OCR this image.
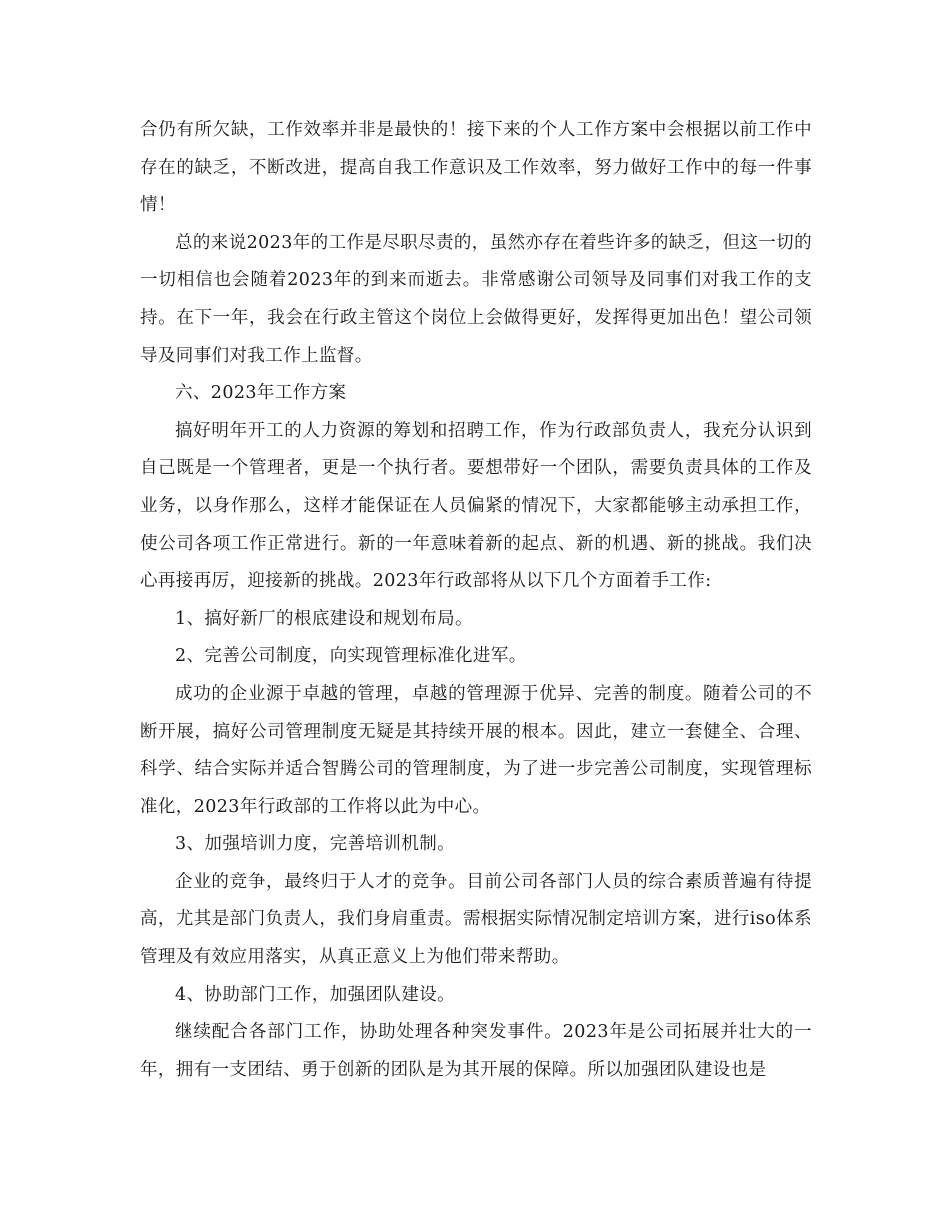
合仍有所欠缺，工作效率并非是最快的！接下来的个人工作方案中会根据以前工作中存在的缺乏，不断改进，提高自我工作意识及工作效率，努力做好工作中的每一件事情！

总的来说2023年的工作是尽职尽责的，虽然亦存在着些许多的缺乏，但这一切的一切相信也会随着2023年的到来而逝去。非常感谢公司领导及同事们对我工作的支持。在下一年，我会在行政主管这个岗位上会做得更好，发挥得更加出色！望公司领导及同事们对我工作上监督。

六、2023年工作方案

搞好明年开工的人力资源的筹划和招聘工作，作为行政部负责人，我充分认识到自己既是一个管理者，更是一个执行者。要想带好一个团队，需要负责具体的工作及业务，以身作那么，这样才能保证在人员偏紧的情况下，大家都能够主动承担工作，使公司各项工作正常进行。新的一年意味着新的起点、新的机遇、新的挑战。我们决心再接再厉，迎接新的挑战。2023年行政部将从以下几个方面着手工作:

1、搞好新厂的根底建设和规划布局。

2、完善公司制度，向实现管理标准化进军。

成功的企业源于卓越的管理，卓越的管理源于优异、完善的制度。随着公司的不断开展，搞好公司管理制度无疑是其持续开展的根本。因此，建立一套健全、合理、科学、结合实际并适合智腾公司的管理制度，为了进一步完善公司制度，实现管理标准化，2023年行政部的工作将以此为中心。

3、加强培训力度，完善培训机制。

企业的竞争，最终归于人才的竞争。目前公司各部门人员的综合素质普遍有待提高，尤其是部门负责人，我们身肩重责。需根据实际情况制定培训方案，进行iso体系管理及有效应用落实，从真正意义上为他们带来帮助。

4、协助部门工作，加强团队建设。

继续配合各部门工作，协助处理各种突发事件。2023年是公司拓展并壮大的一年，拥有一支团结、勇于创新的团队是为其开展的保障。所以加强团队建设也是
